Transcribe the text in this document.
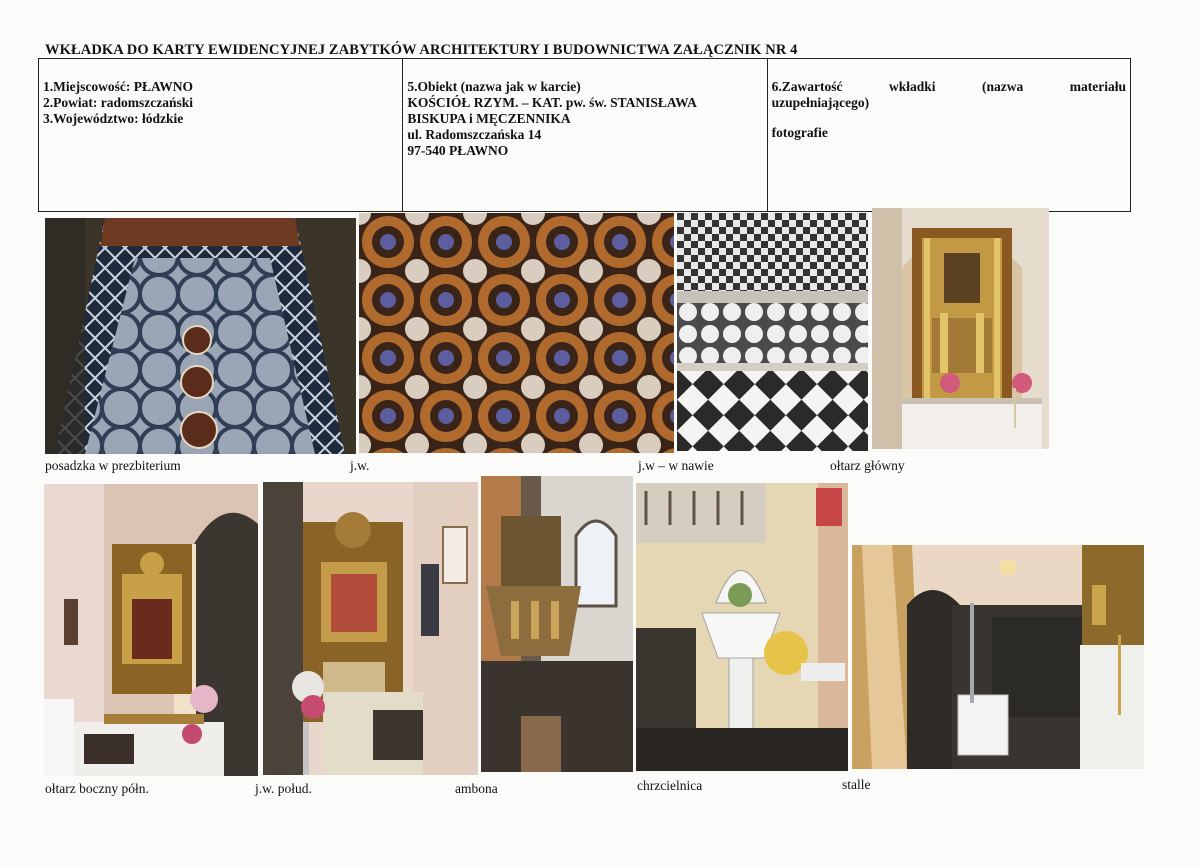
WKŁADKA DO KARTY EWIDENCYJNEJ ZABYTKÓW ARCHITEKTURY I BUDOWNICTWA ZAŁĄCZNIK NR 4
1.Miejscowość: PŁAWNO
2.Powiat: radomszczański
3.Województwo: łódzkie
5.Obiekt (nazwa jak w karcie)
KOŚCIÓŁ RZYM. – KAT. pw. św. STANISŁAWA
BISKUPA i MĘCZENNIKA
ul. Radomszczańska 14
97-540 PŁAWNO
6.Zawartość	wkładki	(nazwa	materiału
uzupełniającego)
fotografie
posadzka w prezbiterium	j.w.	j.w – w nawie	ołtarz główny
ołtarz boczny półn.	j.w. połud.	ambona	chrzcielnica	stalle
